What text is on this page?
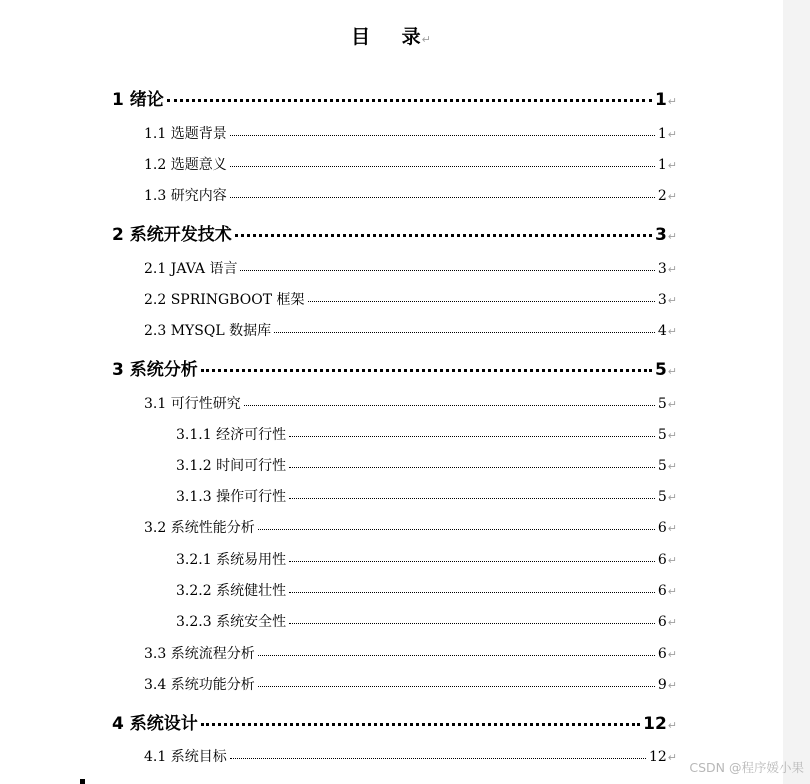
目    录↵
1 绪论	1 ↵
1.1 选题背景	1 ↵
1.2 选题意义	1 ↵
1.3 研究内容	2 ↵
2 系统开发技术	3 ↵
2.1 JAVA 语言	3 ↵
2.2 SPRINGBOOT 框架	3 ↵
2.3 MYSQL 数据库	4 ↵
3 系统分析	5 ↵
3.1 可行性研究	5 ↵
3.1.1 经济可行性	5 ↵
3.1.2 时间可行性	5 ↵
3.1.3 操作可行性	5 ↵
3.2 系统性能分析	6 ↵
3.2.1 系统易用性	6 ↵
3.2.2 系统健壮性	6 ↵
3.2.3 系统安全性	6 ↵
3.3 系统流程分析	6 ↵
3.4 系统功能分析	9 ↵
4 系统设计	12 ↵
4.1 系统目标	12 ↵
CSDN @程序媛小果
